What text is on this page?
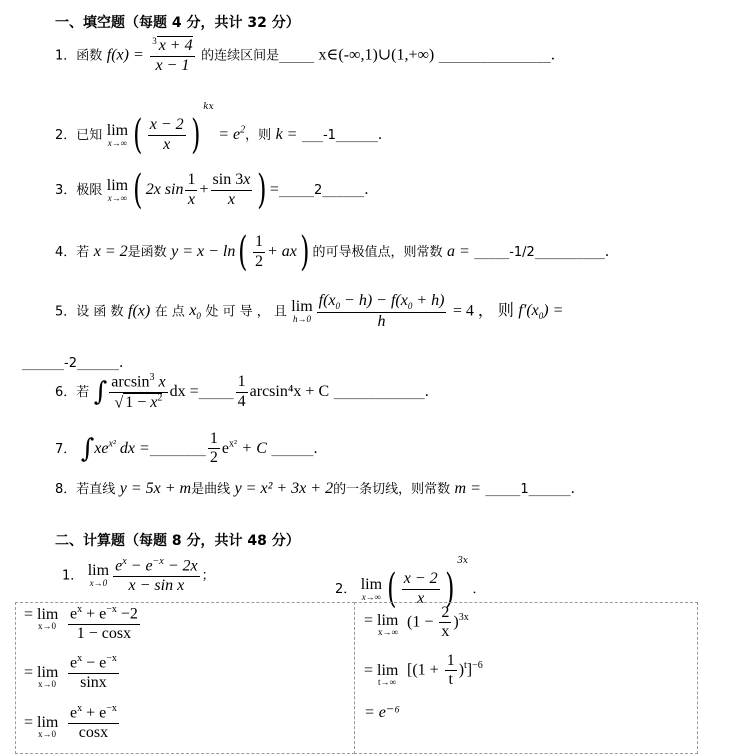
一、填空题（每题 4 分，共计 32 分）
1．函数 $f(x) = \frac{^3 x + 4}{x - 1}$ 的连续区间是_____ x∈(-∞,1)∪(1,+∞) ________________．
2．已知 lim
x→∞ ( $\frac{x - 2}{x} )^{kx} = e^2$，则 k = ___-1______．
3．极限 lim
x→∞ ( 2x $\sin \frac{1}{x} + \frac{\sin 3x}{x}$ ) =_____2______．
4．若 x = 2是函数 $y = x - \ln( \frac{1}{2} + ax)$ 的可导极值点，则常数 a = _____-1/2__________．
5．设 函 数 f(x) 在 点 $x_0$ 处 可 导 ， 且 lim
$h\to 0 \frac{f(x_0 - h) - f(x_0 + h)}{h} = 4$ ， 则 $f'(x_0)$ =
______-2______．
6．若 ∫ $\frac{\arcsin^3 x}{√ 1 - x^2}$ dx =_____ $\frac{1}{4} \arcsin^4x + C$ _____________．
7． $\int xe^{x^2}$ dx =________ $\frac{1}{2} e^{x^2} + C$ ______．
8．若直线 y = 5x + m是曲线 y = x² + 3x + 2的一条切线，则常数 m = _____1______．
二、计算题（每题 8 分，共计 48 分）
1． lim
$x\to 0 \frac{e^x - e^{-x} - 2x}{\text{x − sin x}}$ ；
2． lim
x→∞ ( $\frac{x - 2}{x} )^{3x}$ ．
= lim
$x\to 0 \frac{e^x + e^{-x} -2}{1 - \cos x}$
= lim
$x\to 0 \frac{e^x - e^{-x}}{\sin x}$
= lim
$x\to 0 \frac{e^x + e^{-x}}{\cos x}$
= lim
x→∞
$(1 - \frac{2}{x} )^{3x}$
= lim
t→∞
$[(1 + \frac{1}{t} )^t]^{-6}$
= e⁻⁶
